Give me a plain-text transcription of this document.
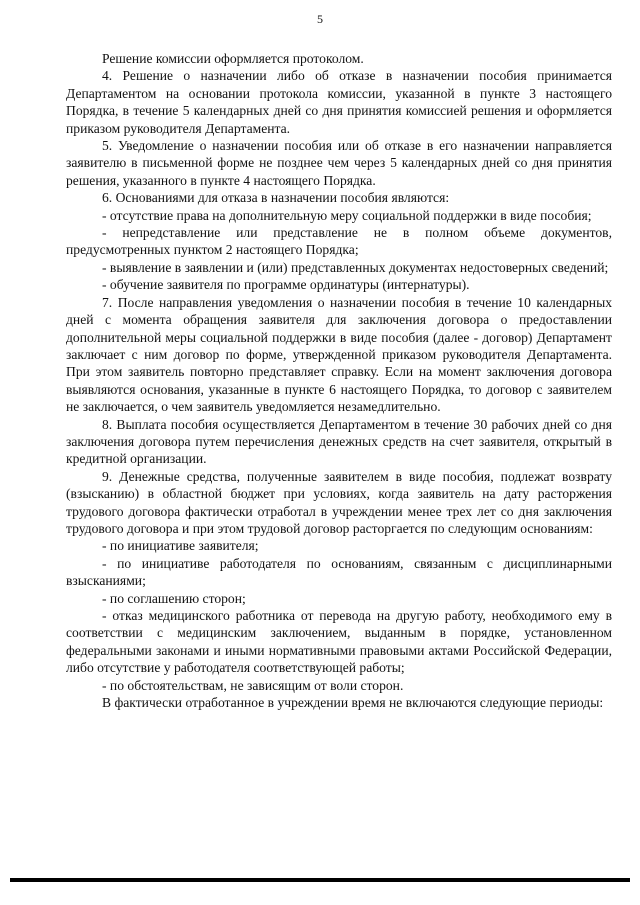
5

Решение комиссии оформляется протоколом.

4. Решение о назначении либо об отказе в назначении пособия принимается Департаментом на основании протокола комиссии, указанной в пункте 3 настоящего Порядка, в течение 5 календарных дней со дня принятия комиссией решения и оформляется приказом руководителя Департамента.

5. Уведомление о назначении пособия или об отказе в его назначении направляется заявителю в письменной форме не позднее чем через 5 календарных дней со дня принятия решения, указанного в пункте 4 настоящего Порядка.

6. Основаниями для отказа в назначении пособия являются:

- отсутствие права на дополнительную меру социальной поддержки в виде пособия;

- непредставление или представление не в полном объеме документов, предусмотренных пунктом 2 настоящего Порядка;

- выявление в заявлении и (или) представленных документах недостоверных сведений;

- обучение заявителя по программе ординатуры (интернатуры).

7. После направления уведомления о назначении пособия в течение 10 календарных дней с момента обращения заявителя для заключения договора о предоставлении дополнительной меры социальной поддержки в виде пособия (далее - договор) Департамент заключает с ним договор по форме, утвержденной приказом руководителя Департамента. При этом заявитель повторно представляет справку. Если на момент заключения договора выявляются основания, указанные в пункте 6 настоящего Порядка, то договор с заявителем не заключается, о чем заявитель уведомляется незамедлительно.

8. Выплата пособия осуществляется Департаментом в течение 30 рабочих дней со дня заключения договора путем перечисления денежных средств на счет заявителя, открытый в кредитной организации.

9. Денежные средства, полученные заявителем в виде пособия, подлежат возврату (взысканию) в областной бюджет при условиях, когда заявитель на дату расторжения трудового договора фактически отработал в учреждении менее трех лет со дня заключения трудового договора и при этом трудовой договор расторгается по следующим основаниям:

- по инициативе заявителя;

- по инициативе работодателя по основаниям, связанным с дисциплинарными взысканиями;

- по соглашению сторон;

- отказ медицинского работника от перевода на другую работу, необходимого ему в соответствии с медицинским заключением, выданным в порядке, установленном федеральными законами и иными нормативными правовыми актами Российской Федерации, либо отсутствие у работодателя соответствующей работы;

- по обстоятельствам, не зависящим от воли сторон.

В фактически отработанное в учреждении время не включаются следующие периоды:
